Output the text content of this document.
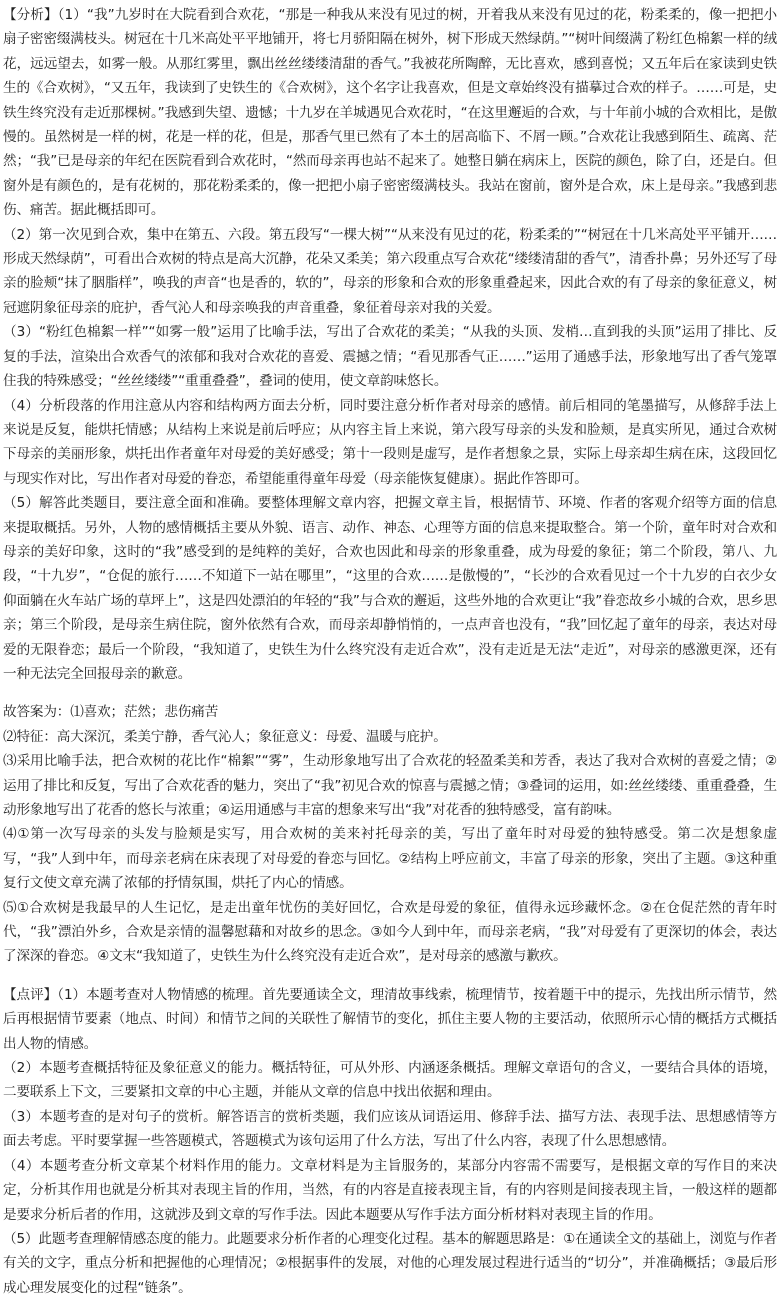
【分析】（1）“我”九岁时在大院看到合欢花，“那是一种我从来没有见过的树，开着我从来没有见过的花，粉柔柔的，像一把把小扇子密密缀满枝头。树冠在十几米高处平平地铺开，将七月骄阳隔在树外，树下形成天然绿荫。”“树叶间缀满了粉红色棉絮一样的绒花，远远望去，如雾一般。从那红雾里，飘出丝丝缕缕清甜的香气。”我被花所陶醉，无比喜欢，感到喜悦；又五年后在家读到史铁生的《合欢树》，“又五年，我读到了史铁生的《合欢树》，这个名字让我喜欢，但是文章始终没有描摹过合欢的样子。……可是，史铁生终究没有走近那棵树。”我感到失望、遗憾；十九岁在羊城遇见合欢花时，“在这里邂逅的合欢，与十年前小城的合欢相比，是傲慢的。虽然树是一样的树，花是一样的花，但是，那香气里已然有了本土的居高临下、不屑一顾。”合欢花让我感到陌生、疏离、茫然；“我”已是母亲的年纪在医院看到合欢花时，“然而母亲再也站不起来了。她整日躺在病床上，医院的颜色，除了白，还是白。但窗外是有颜色的，是有花树的，那花粉柔柔的，像一把把小扇子密密缀满枝头。我站在窗前，窗外是合欢，床上是母亲。”我感到悲伤、痛苦。据此概括即可。

（2）第一次见到合欢，集中在第五、六段。第五段写“一棵大树”“从来没有见过的花，粉柔柔的”“树冠在十几米高处平平铺开……形成天然绿荫”，可看出合欢树的特点是高大沉静，花朵又柔美；第六段重点写合欢花“缕缕清甜的香气”，清香扑鼻；另外还写了母亲的脸颊“抹了胭脂样”，唤我的声音“也是香的，软的”，母亲的形象和合欢的形象重叠起来，因此合欢的有了母亲的象征意义，树冠遮阴象征母亲的庇护，香气沁人和母亲唤我的声音重叠，象征着母亲对我的关爱。

（3）“粉红色棉絮一样”“如雾一般”运用了比喻手法，写出了合欢花的柔美；“从我的头顶、发梢…直到我的头顶”运用了排比、反复的手法，渲染出合欢香气的浓郁和我对合欢花的喜爱、震撼之情；“看见那香气正……”运用了通感手法，形象地写出了香气笼罩住我的特殊感受；“丝丝缕缕”“重重叠叠”，叠词的使用，使文章韵味悠长。

（4）分析段落的作用注意从内容和结构两方面去分析，同时要注意分析作者对母亲的感情。前后相同的笔墨描写，从修辞手法上来说是反复，能烘托情感；从结构上来说是前后呼应；从内容主旨上来说，第六段写母亲的头发和脸颊，是真实所见，通过合欢树下母亲的美丽形象，烘托出作者童年对母爱的美好感受；第十一段则是虚写，是作者想象之景，实际上母亲却生病在床，这段回忆与现实作对比，写出作者对母爱的眷恋，希望能重得童年母爱（母亲能恢复健康）。据此作答即可。

（5）解答此类题目，要注意全面和准确。要整体理解文章内容，把握文章主旨，根据情节、环境、作者的客观介绍等方面的信息来提取概括。另外，人物的感情概括主要从外貌、语言、动作、神态、心理等方面的信息来提取整合。第一个阶，童年时对合欢和母亲的美好印象，这时的“我”感受到的是纯粹的美好，合欢也因此和母亲的形象重叠，成为母爱的象征；第二个阶段，第八、九段，“十九岁”，“仓促的旅行……不知道下一站在哪里”，“这里的合欢……是傲慢的”，“长沙的合欢看见过一个十九岁的白衣少女仰面躺在火车站广场的草坪上”，这是四处漂泊的年轻的“我”与合欢的邂逅，这些外地的合欢更让“我”眷恋故乡小城的合欢，思乡思亲；第三个阶段，是母亲生病住院，窗外依然有合欢，而母亲却静悄悄的，一点声音也没有，“我”回忆起了童年的母亲，表达对母爱的无限眷恋；最后一个阶段，“我知道了，史铁生为什么终究没有走近合欢”，没有走近是无法“走近”，对母亲的感激更深，还有一种无法完全回报母亲的歉意。

故答案为：⑴喜欢；茫然；悲伤痛苦

⑵特征：高大深沉，柔美宁静，香气沁人；象征意义：母爱、温暖与庇护。

⑶采用比喻手法，把合欢树的花比作“棉絮”“雾”，生动形象地写出了合欢花的轻盈柔美和芳香，表达了我对合欢树的喜爱之情；②运用了排比和反复，写出了合欢花香的魅力，突出了“我”初见合欢的惊喜与震撼之情；③叠词的运用，如:丝丝缕缕、重重叠叠，生动形象地写出了花香的悠长与浓重；④运用通感与丰富的想象来写出“我”对花香的独特感受，富有韵味。

⑷①第一次写母亲的头发与脸颊是实写，用合欢树的美来衬托母亲的美，写出了童年时对母爱的独特感受。第二次是想象虚写，“我”人到中年，而母亲老病在床表现了对母爱的眷恋与回忆。②结构上呼应前文，丰富了母亲的形象，突出了主题。③这种重复行文使文章充满了浓郁的抒情氛围，烘托了内心的情感。

⑸①合欢树是我最早的人生记忆，是走出童年忧伤的美好回忆，合欢是母爱的象征，值得永远珍藏怀念。②在仓促茫然的青年时代，“我”漂泊外乡，合欢是亲情的温馨慰藉和对故乡的思念。③如今人到中年，而母亲老病，“我”对母爱有了更深切的体会，表达了深深的眷恋。④文末“我知道了，史铁生为什么终究没有走近合欢”，是对母亲的感激与歉疚。

【点评】（1）本题考查对人物情感的梳理。首先要通读全文，理清故事线索，梳理情节，按着题干中的提示，先找出所示情节，然后再根据情节要素（地点、时间）和情节之间的关联性了解情节的变化，抓住主要人物的主要活动，依照所示心情的概括方式概括出人物的情感。

（2）本题考查概括特征及象征意义的能力。概括特征，可从外形、内涵逐条概括。理解文章语句的含义，一要结合具体的语境，二要联系上下文，三要紧扣文章的中心主题，并能从文章的信息中找出依据和理由。

（3）本题考查的是对句子的赏析。解答语言的赏析类题，我们应该从词语运用、修辞手法、描写方法、表现手法、思想感情等方面去考虑。平时要掌握一些答题模式，答题模式为该句运用了什么方法，写出了什么内容，表现了什么思想感情。

（4）本题考查分析文章某个材料作用的能力。文章材料是为主旨服务的，某部分内容需不需要写，是根据文章的写作目的来决定，分析其作用也就是分析其对表现主旨的作用，当然，有的内容是直接表现主旨，有的内容则是间接表现主旨，一般这样的题都是要求分析后者的作用，这就涉及到文章的写作手法。因此本题要从写作手法方面分析材料对表现主旨的作用。

（5）此题考查理解情感态度的能力。此题要求分析作者的心理变化过程。基本的解题思路是：①在通读全文的基础上，浏览与作者有关的文字，重点分析和把握他的心理情况；②根据事件的发展，对他的心理发展过程进行适当的“切分”，并准确概括；③最后形成心理发展变化的过程“链条”。
